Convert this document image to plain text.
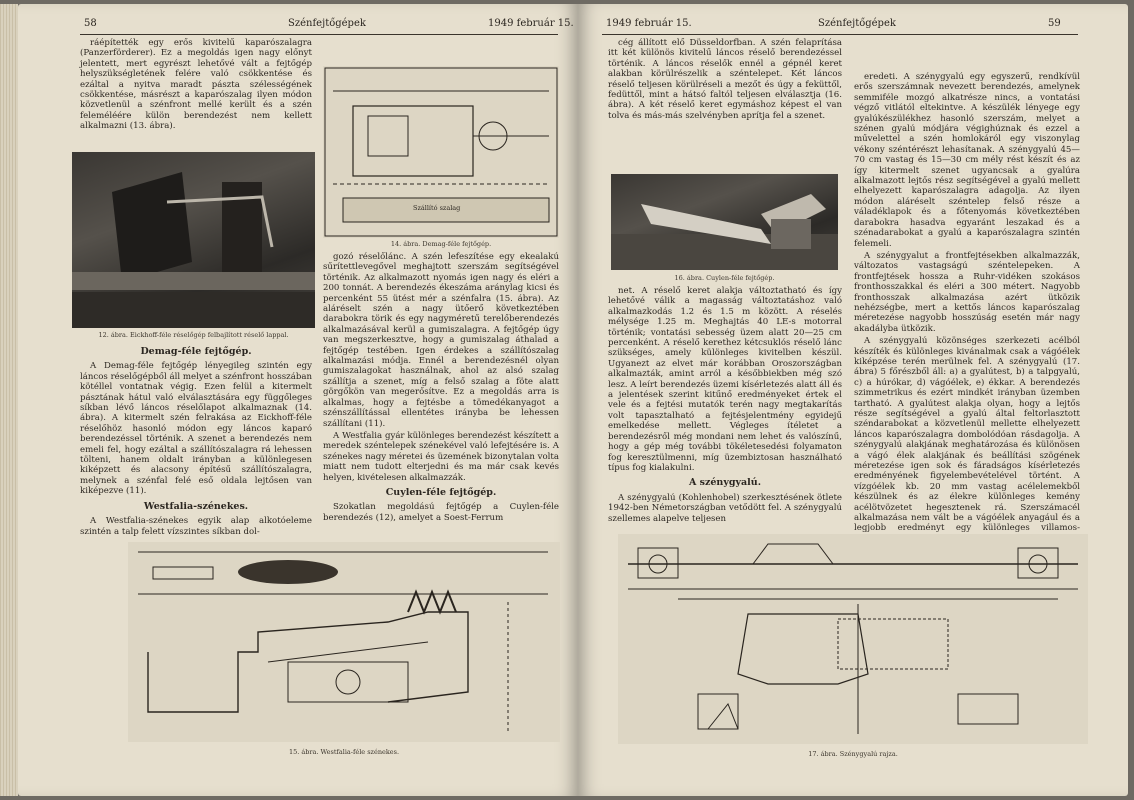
58	Szénfejtőgépek	1949 február 15.

ráépítették egy erős kivitelű kaparószalagra (Panzerförderer). Ez a megoldás igen nagy előnyt jelentett, mert egyrészt lehetővé vált a fejtőgép helyszükségletének felére való csökkentése és ezáltal a nyitva maradt pászta szélességének csökkentése, másrészt a kaparószalag ilyen módon közvetlenül a szénfront mellé került és a szén feleméléére külön berendezést nem kellett alkalmazni (13. ábra).

12. ábra. Eickhoff-féle réselőgép felbajlított réselő lappal.
Demag-féle fejtőgép.

A Demag-féle fejtőgép lényegileg szintén egy láncos réselőgépből áll melyet a szénfront hosszában kötéllel vontatnak végig. Ezen felül a kitermelt pásztának hátul való elválasztására egy függőleges síkban lévő láncos réselőlapot alkalmaznak (14. ábra). A kitermelt szén felrakása az Eickhoff-féle réselőhöz hasonló módon egy láncos kaparó berendezéssel történik. A szenet a berendezés nem emeli fel, hogy ezáltal a szállítószalagra rá lehessen tölteni, hanem oldalt irányban a különlegesen kiképzett és alacsony építésű szállítószalagra, melynek a szénfal felé eső oldala lejtősen van kiképezve (11).

Westfalia-szénekes.

A Westfalia-szénekes egyik alap alkotóeleme szintén a talp felett vízszintes síkban dol-

Szállító szalag
14. ábra. Demag-féle fejtőgép.

gozó réselőlánc. A szén lefeszítése egy ekealakú sűrítettlevegővel meghajtott szerszám segítségével történik. Az alkalmazott nyomás igen nagy és eléri a 200 tonnát. A berendezés ékeszáma aránylag kicsi és percenként 55 ütést mér a szénfalra (15. ábra). Az aláréselt szén a nagy ütőerő következtében darabokra törik és egy nagyméretű terelőberendezés alkalmazásával kerül a gumiszalagra. A fejtőgép úgy van megszerkesztve, hogy a gumiszalag áthalad a fejtőgép testében. Igen érdekes a szállítószalag alkalmazási módja. Ennél a berendezésnél olyan gumiszalagokat használnak, ahol az alsó szalag szállítja a szenet, míg a felső szalag a föte alatt görgőkön van megerősítve. Ez a megoldás arra is alkalmas, hogy a fejtésbe a tömedékanyagot a szénszállítással ellentétes irányba be lehessen szállítani (11).

A Westfalia gyár különleges berendezést készített a meredek széntelepek szénekével való lefejtésére is. A szénekes nagy méretei és üzemének bizonytalan volta miatt nem tudott elterjedni és ma már csak kevés helyen, kivételesen alkalmazzák.

Cuylen-féle fejtőgép.

Szokatlan megoldású fejtőgép a Cuylen-féle berendezés (12), amelyet a Soest-Ferrum

15. ábra. Westfalia-féle szénekes.
1949 február 15.	Szénfejtőgépek	59

cég állított elő Düsseldorfban. A szén felaprítása itt két különös kivitelű láncos réselő berendezéssel történik. A láncos réselők ennél a gépnél keret alakban körülrészelik a széntelepet. Két láncos réselő teljesen körülréseli a mezőt és úgy a feküttől, fedüttől, mint a hátsó faltól teljesen elválasztja (16. ábra). A két réselő keret egymáshoz képest el van tolva és más-más szelvényben aprítja fel a szenet.

16. ábra. Cuylen-féle fejtőgép.

net. A réselő keret alakja változtatható és így lehetővé válik a magasság változtatáshoz való alkalmazkodás 1.2 és 1.5 m között. A réselés mélysége 1.25 m. Meghajtás 40 LE-s motorral történik; vontatási sebesség üzem alatt 20—25 cm percenként. A réselő kerethez kétcsuklós réselő lánc szükséges, amely különleges kivitelben készül. Ugyanezt az elvet már korábban Oroszországban alkalmazták, amint arról a későbbiekben még szó lesz. A leírt berendezés üzemi kísérletezés alatt áll és a jelentések szerint kitűnő eredményeket értek el vele és a fejtési mutatók terén nagy megtakarítás volt tapasztalható a fejtésjelentmény egyidejű emelkedése mellett. Végleges ítéletet a berendezésről még mondani nem lehet és valószínű, hogy a gép még további tökéletesedési folyamaton fog keresztülmenni, míg üzembiztosan használható típus fog kialakulni.

A szénygyalú.

A szénygyalú (Kohlenhobel) szerkesztésének ötlete 1942-ben Németországban vetődött fel. A szénygyalú szellemes alapelve teljesen

eredeti. A szénygyalú egy egyszerű, rendkívül erős szerszámnak nevezett berendezés, amelynek semmiféle mozgó alkatrésze nincs, a vontatási végző vitlától eltekintve. A készülék lényege egy gyalúkészülékhez hasonló szerszám, melyet a szénen gyalú módjára végighúznak és ezzel a művelettel a szén homlokáról egy viszonylag vékony széntérészt lehasítanak. A szénygyalú 45—70 cm vastag és 15—30 cm mély rést készít és az így kitermelt szenet ugyancsak a gyalúra alkalmazott lejtős rész segítségével a gyalú mellett elhelyezett kaparószalagra adagolja. Az ilyen módon aláréselt széntelep felső része a váladéklapok és a főtenyomás következtében darabokra hasadva egyaránt leszakad és a szénadarabokat a gyalú a kaparószalagra szintén felemeli.

A szénygyalut a frontfejtésekben alkalmazzák, változatos vastagságú széntelepeken. A frontfejtések hossza a Ruhr-vidéken szokásos fronthosszakkal és eléri a 300 métert. Nagyobb fronthosszak alkalmazása azért ütközik nehézségbe, mert a kettős láncos kaparószalag méretezése nagyobb hosszúság esetén már nagy akadályba ütközik.

A szénygyalú közönséges szerkezeti acélból készíték és különleges kivánalmak csak a vágóélek kiképzése terén merülnek fel. A szénygyalú (17. ábra) 5 főrészből áll: a) a gyalútest, b) a talpgyalú, c) a húrókar, d) vágóélek, e) ékkar. A berendezés szimmetrikus és ezért mindkét irányban üzemben tartható. A gyalútest alakja olyan, hogy a lejtős része segítségével a gyalú által feltorlasztott széndarabokat a közvetlenül mellette elhelyezett láncos kaparószalagra dombolódóan rásdagolja. A szénygyalú alakjának meghatározása és különösen a vágó élek alakjának és beállítási szögének méretezése igen sok és fáradságos kísérletezés eredményének figyelembevételével történt. A vízgóélek kb. 20 mm vastag acélelemekből készülnek és az élekre különleges kemény acélötvözetet hegesztenek rá. Szerszámacél alkalmazása nem vált be a vágóélek anyagául és a legjobb eredményt egy különleges villamos-

17. ábra. Szénygyalú rajza.
